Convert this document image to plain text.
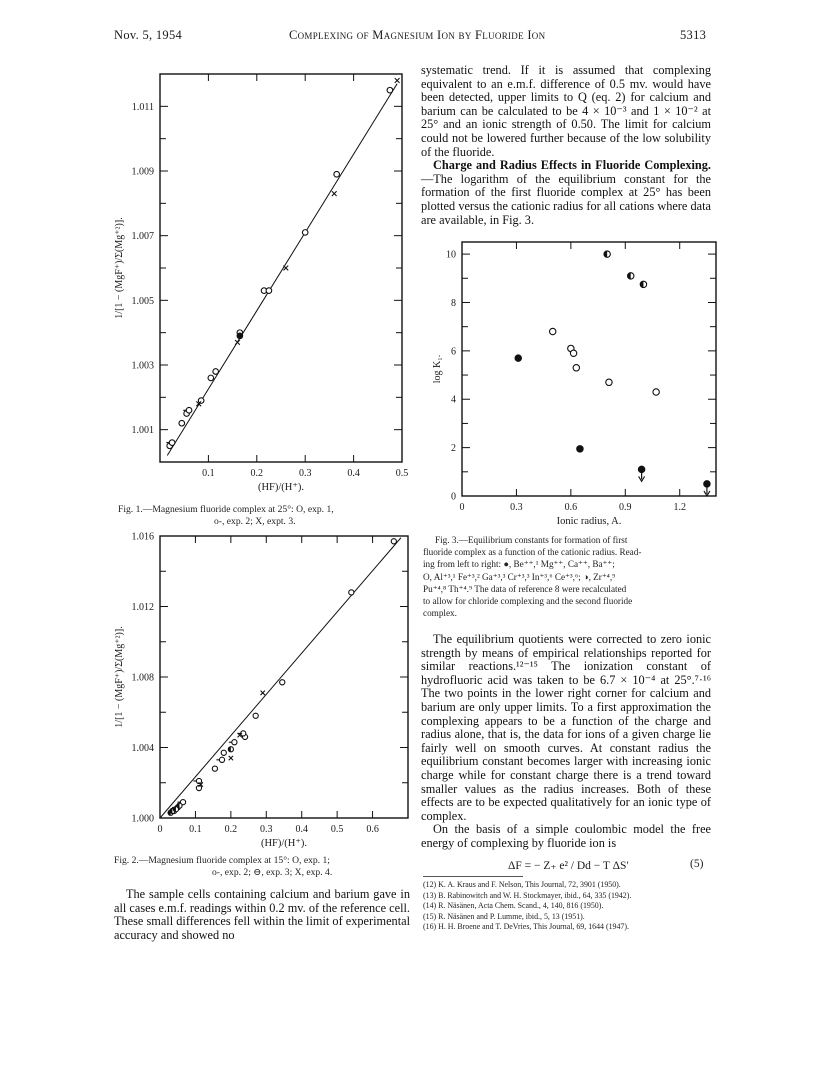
Nov. 5, 1954	Complexing of Magnesium Ion by Fluoride Ion	5313
0.1	0.2	0.3	0.4	0.5
1.001
1.003
1.005
1.007
1.009
1.011
(HF)/(H⁺).
1/[1 − (MgF⁺)/Σ(Mg⁺²)].
Fig. 1.—Magnesium fluoride complex at 25°: O, exp. 1,
o-, exp. 2; X, expt. 3.
0	0.1 0.2 0.3 0.4 0.5 0.6
1.000
1.004
1.008
1.012
1.016
(HF)/(H⁺).
1/[1 − (MgF⁺)/Σ(Mg⁺²)].
Fig. 2.—Magnesium fluoride complex at 15°: O, exp. 1;
o-, exp. 2; ⊖, exp. 3; X, exp. 4.

The sample cells containing calcium and barium gave in all cases e.m.f. readings within 0.2 mv. of the reference cell. These small differences fell within the limit of experimental accuracy and showed no

systematic trend. If it is assumed that complexing equivalent to an e.m.f. difference of 0.5 mv. would have been detected, upper limits to Q (eq. 2) for calcium and barium can be calculated to be 4 × 10⁻³ and 1 × 10⁻² at 25° and an ionic strength of 0.50. The limit for calcium could not be lowered further because of the low solubility of the fluoride.

Charge and Radius Effects in Fluoride Complexing.—The logarithm of the equilibrium constant for the formation of the first fluoride complex at 25° has been plotted versus the cationic radius for all cations where data are available, in Fig. 3.

0	0.3	0.6	0.9	1.2
0
2
4
6
8
10
Ionic radius, A.
log K₁.
Fig. 3.—Equilibrium constants for formation of first
fluoride complex as a function of the cationic radius. Read-
ing from left to right: ●, Be⁺⁺,¹ Mg⁺⁺, Ca⁺⁺, Ba⁺⁺;
O, Al⁺³,¹ Fe⁺³,² Ga⁺³,³ Cr⁺³,³ In⁺³,⁶ Ce⁺³,⁶; ◑, Zr⁺⁴,⁹
Pu⁺⁴,⁸ Th⁺⁴.⁹ The data of reference 8 were recalculated
to allow for chloride complexing and the second fluoride
complex.

The equilibrium quotients were corrected to zero ionic strength by means of empirical relationships reported for similar reactions.¹²⁻¹⁵ The ionization constant of hydrofluoric acid was taken to be 6.7 × 10⁻⁴ at 25°.⁷·¹⁶ The two points in the lower right corner for calcium and barium are only upper limits. To a first approximation the complexing appears to be a function of the charge and radius alone, that is, the data for ions of a given charge lie fairly well on smooth curves. At constant radius the equilibrium constant becomes larger with increasing ionic charge while for constant charge there is a trend toward smaller values as the radius increases. Both of these effects are to be expected qualitatively for an ionic type of complex.

On the basis of a simple coulombic model the free energy of complexing by fluoride ion is

ΔF = − Z₊ e² / Dd − T ΔS′	(5)
(12) K. A. Kraus and F. Nelson, This Journal, 72, 3901 (1950).
(13) B. Rabinowitch and W. H. Stockmayer, ibid., 64, 335 (1942).
(14) R. Näsänen, Acta Chem. Scand., 4, 140, 816 (1950).
(15) R. Näsänen and P. Lumme, ibid., 5, 13 (1951).
(16) H. H. Broene and T. DeVries, This Journal, 69, 1644 (1947).
